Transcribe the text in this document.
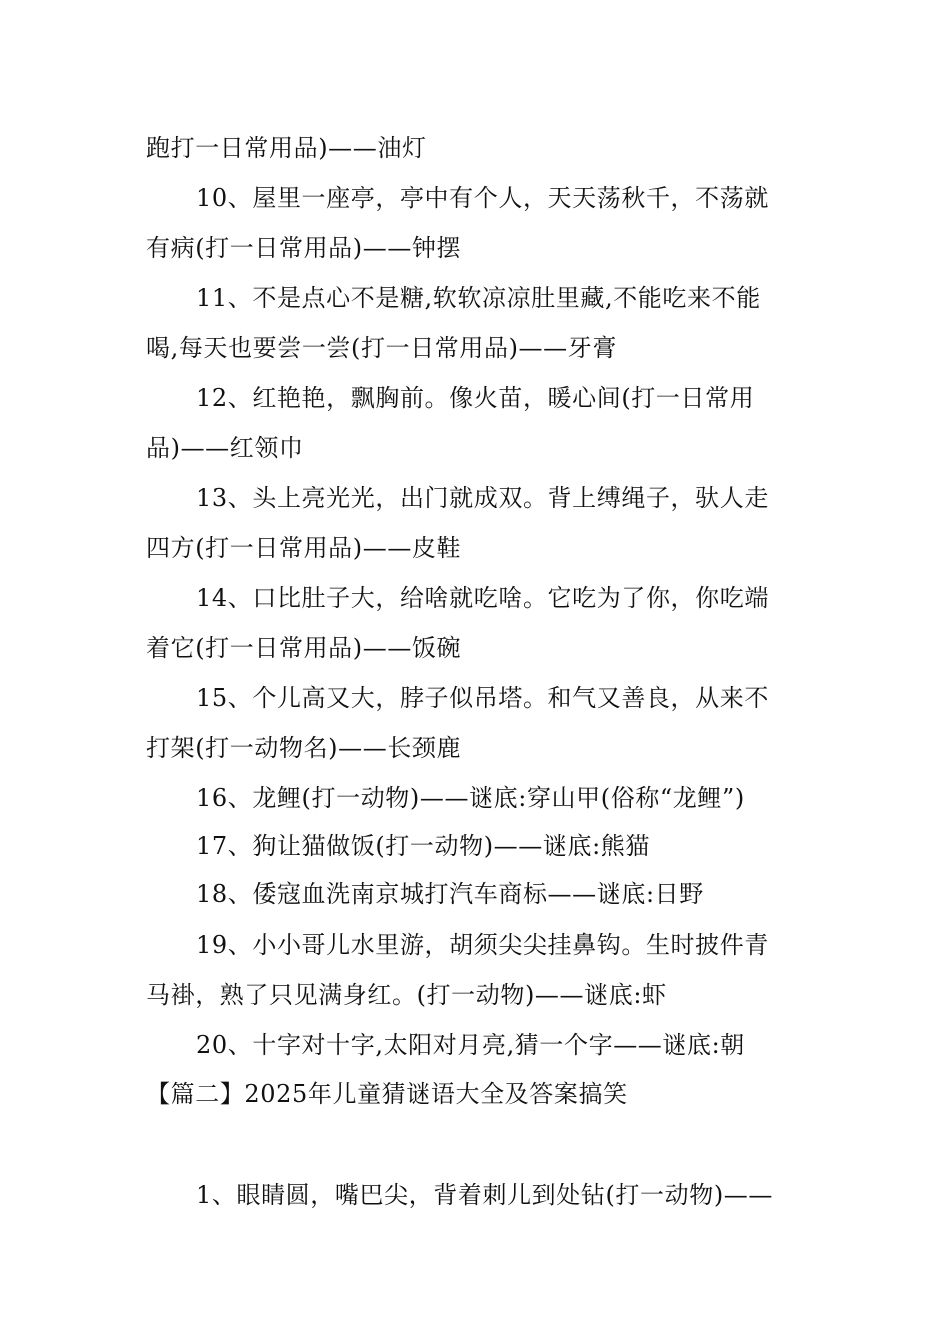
跑打一日常用品)——油灯
10、屋里一座亭，亭中有个人，天天荡秋千，不荡就
有病(打一日常用品)——钟摆
11、不是点心不是糖,软软凉凉肚里藏,不能吃来不能
喝,每天也要尝一尝(打一日常用品)——牙膏
12、红艳艳，飘胸前。像火苗，暖心间(打一日常用
品)——红领巾
13、头上亮光光，出门就成双。背上缚绳子，驮人走
四方(打一日常用品)——皮鞋
14、口比肚子大，给啥就吃啥。它吃为了你，你吃端
着它(打一日常用品)——饭碗
15、个儿高又大，脖子似吊塔。和气又善良，从来不
打架(打一动物名)——长颈鹿
16、龙鲤(打一动物)——谜底:穿山甲(俗称“龙鲤”)
17、狗让猫做饭(打一动物)——谜底:熊猫
18、倭寇血洗南京城打汽车商标——谜底:日野
19、小小哥儿水里游，胡须尖尖挂鼻钩。生时披件青
马褂，熟了只见满身红。(打一动物)——谜底:虾
20、十字对十字,太阳对月亮,猜一个字——谜底:朝
【篇二】2025年儿童猜谜语大全及答案搞笑
1、眼睛圆，嘴巴尖，背着刺儿到处钻(打一动物)——
